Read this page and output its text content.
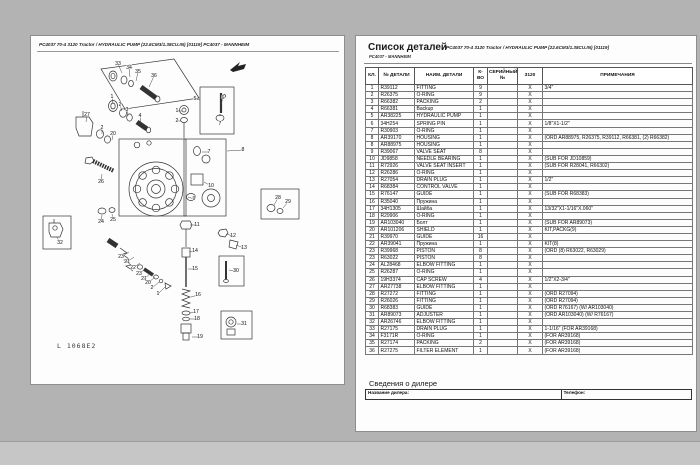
PC4037 70-4 3120 Tractor / HYDRAULIC PUMP (22.6CM3/1.38CU.IN) [01119] PC4037 - MANNHEIM
33
34
35
36
1
2
3
4
27
2
20
26
5	6
7
8
7
10
9
1
2
24 25
23
21
22
23
21
20
2
1
11
12
13
14
15
16
17
18
19
30
31
32
28
29
L 1068E2
Список деталей
PC4037 - MANNHEIM
PC4037 70-4 3120 Tractor / HYDRAULIC PUMP (22.6CM3/1.38CU.IN) [01119]
КЛ.	№ ДЕТАЛИ	НАИМ. ДЕТАЛИ	К-ВО	СЕРИЙНЫЙ №	3120	ПРИМЕЧАНИЯ
1	R39112	FITTING	9		X	3/4"
2	R26375	O-RING	9		X	
3	R66382	PACKING	2		X	
4	R66381	Backup	1		X	
5	AR38225	HYDRAULIC PUMP	1		X	
6	34H254	SPRING PIN	1		X	1/8"X1-1/2"
7	R30903	O-RING	1		X	
8	AR39170	HOUSING	1		X	(ORD AR88975, R26375, R39112, R66381, (2) R66382)
8	AR88975	HOUSING	1		X	
9	R39067	VALVE SEAT	8		X	
10	JD9858	NEEDLE BEARING	1		X	(SUB FOR JD10859)
11	R72926	VALVE SEAT INSERT	1		X	(SUB FOR R28041, R66302)
12	R26286	O-RING	1		X	
13	R27054	DRAIN PLUG	1		X	1/2"
14	R68384	CONTROL VALVE	1		X	
15	R76147	GUIDE	1		X	(SUB FOR R68383)
16	R35040	Пружина	1		X	
17	34H1305	Шайба	1		X	13/32"X1-1/16"X.060"
18	R29906	O-RING	1		X	
19	AR103040	Болт	1		X	(SUB FOR AR89073)
20	AR101206	SHIELD	1		X	KIT,PACKG(9)
21	R39970	GUIDE	16		X	
22	AR39041	Пружина	1		X	KIT(8)
23	R39968	PISTON	8		X	(ORD (8) R63022, R63029)
23	R63022	PISTON	8		X	
24	AL28468	ELBOW FITTING	1		X	
25	R26287	O-RING	1		X	
26	19H3374	CAP SCREW	4		X	1/2"X2-3/4"
27	AR27738	ELBOW FITTING	1		X	
28	R27272	FITTING	1		X	(ORD R27094)
29	R26026	FITTING	1		X	(ORD R27094)
30	R68383	GUIDE	1		X	(ORD R76167) (W/ AR103040)
31	AR89073	ADJUSTER	1		X	(ORD AR103040) (W/ R76167)
32	AR26746	ELBOW FITTING	1		X	
33	R27175	DRAIN PLUG	1		X	1-1/16" (FOR AR39168)
34	F3171R	O-RING	1		X	(FOR AR39168)
35	R27174	PACKING	2		X	(FOR AR39168)
36	R27275	FILTER ELEMENT	1		X	(FOR AR39168)
Сведения о дилере
Название дилера:	Телефон:
